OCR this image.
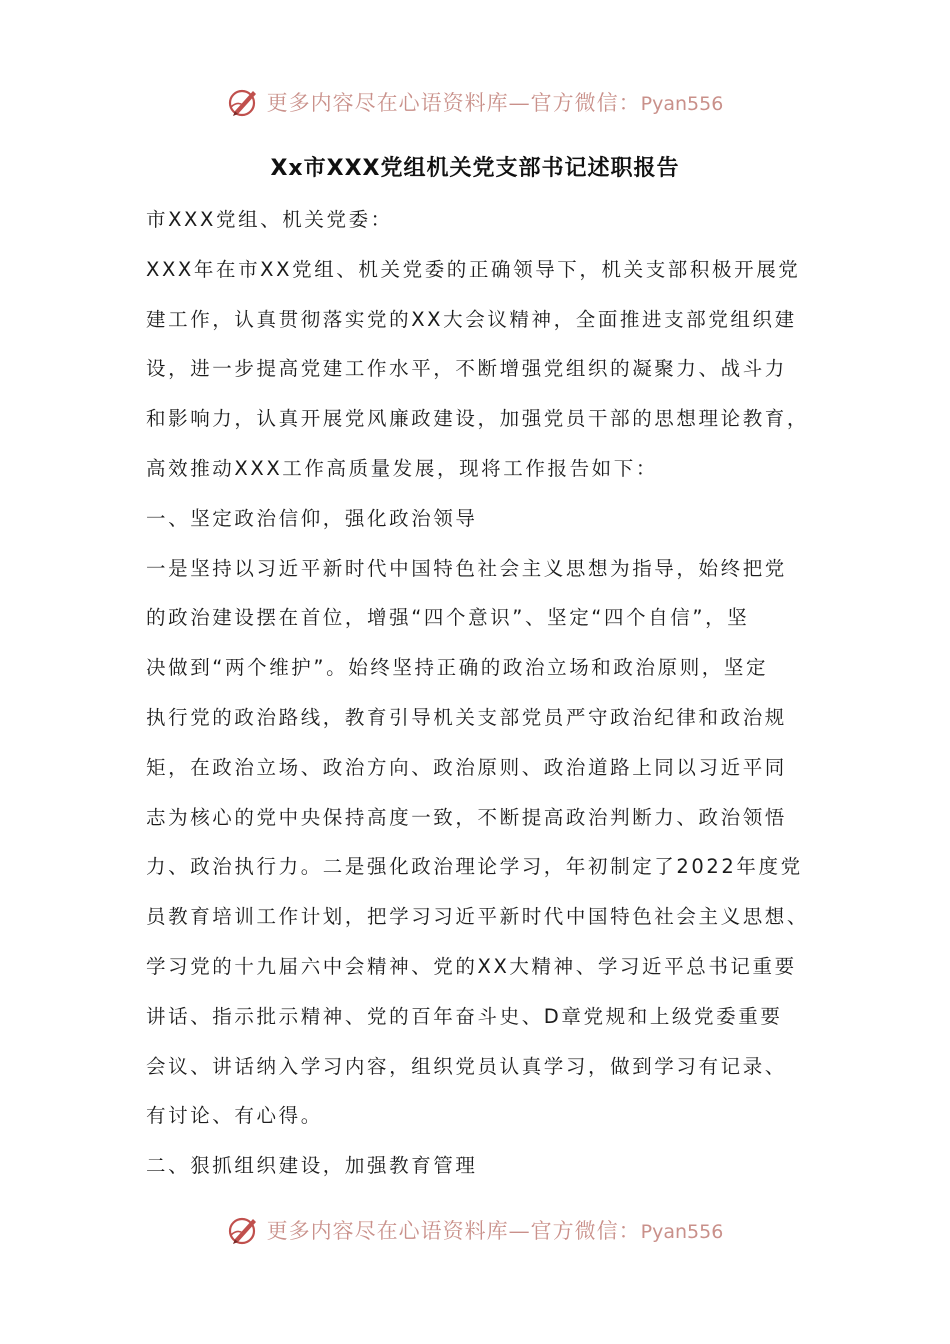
更多内容尽在心语资料库—官方微信：Pyan556
Xx市XXX党组机关党支部书记述职报告
市XXX党组、机关党委：
XXX年在市XX党组、机关党委的正确领导下，机关支部积极开展党
建工作，认真贯彻落实党的XX大会议精神，全面推进支部党组织建
设，进一步提高党建工作水平，不断增强党组织的凝聚力、战斗力
和影响力，认真开展党风廉政建设，加强党员干部的思想理论教育，
高效推动XXX工作高质量发展，现将工作报告如下：
一、坚定政治信仰，强化政治领导
一是坚持以习近平新时代中国特色社会主义思想为指导，始终把党
的政治建设摆在首位，增强“四个意识”、坚定“四个自信”，坚
决做到“两个维护”。始终坚持正确的政治立场和政治原则，坚定
执行党的政治路线，教育引导机关支部党员严守政治纪律和政治规
矩，在政治立场、政治方向、政治原则、政治道路上同以习近平同
志为核心的党中央保持高度一致，不断提高政治判断力、政治领悟
力、政治执行力。二是强化政治理论学习，年初制定了2022年度党
员教育培训工作计划，把学习习近平新时代中国特色社会主义思想、
学习党的十九届六中会精神、党的XX大精神、学习近平总书记重要
讲话、指示批示精神、党的百年奋斗史、D章党规和上级党委重要
会议、讲话纳入学习内容，组织党员认真学习，做到学习有记录、
有讨论、有心得。
二、狠抓组织建设，加强教育管理
更多内容尽在心语资料库—官方微信：Pyan556
